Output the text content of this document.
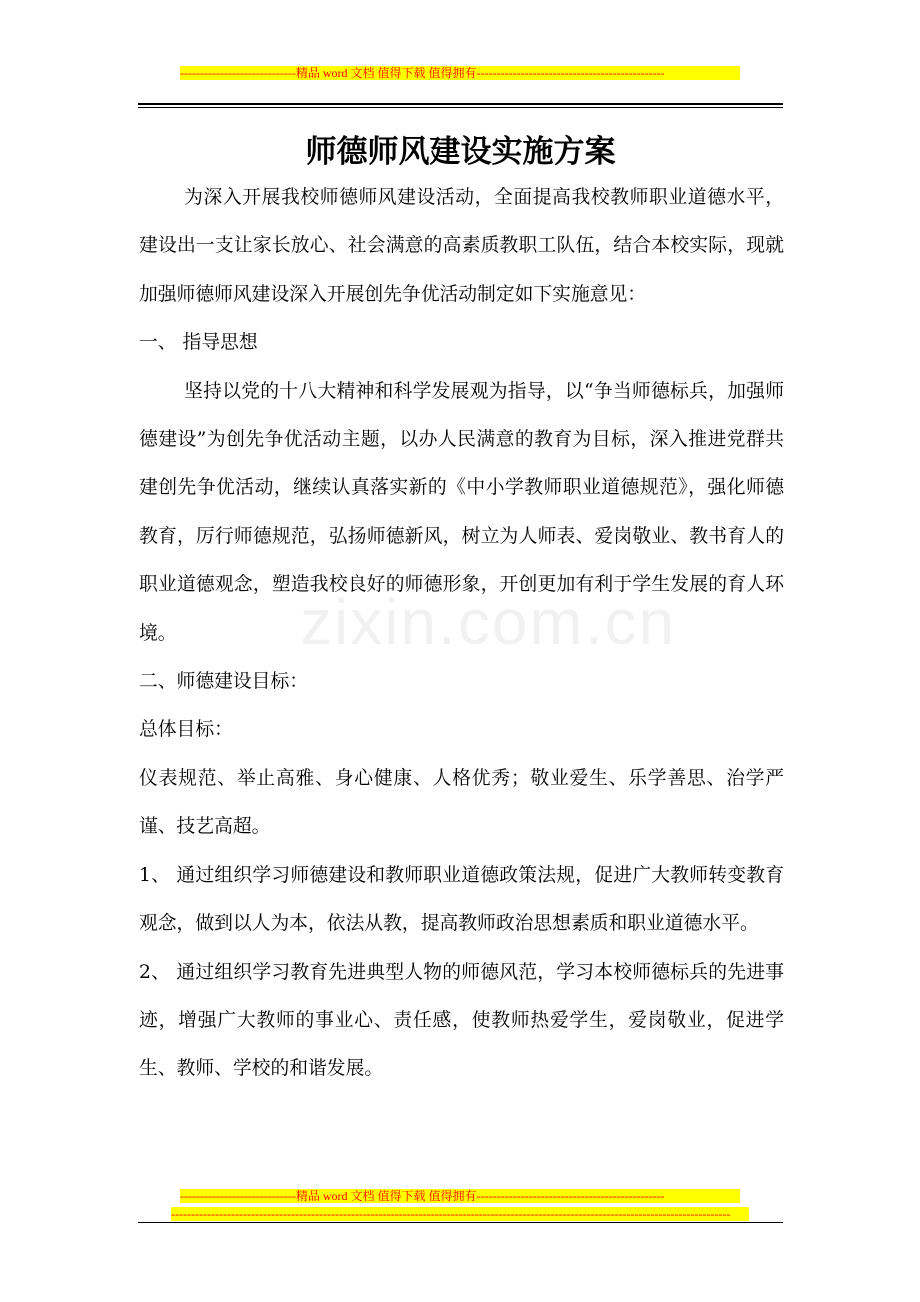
-----------------------------精品 word 文档 值得下载 值得拥有-----------------------------------------------
zixin.com.cn
师德师风建设实施方案

为深入开展我校师德师风建设活动，全面提高我校教师职业道德水平，建设出一支让家长放心、社会满意的高素质教职工队伍，结合本校实际，现就加强师德师风建设深入开展创先争优活动制定如下实施意见：

一、 指导思想

坚持以党的十八大精神和科学发展观为指导，以“争当师德标兵，加强师德建设”为创先争优活动主题，以办人民满意的教育为目标，深入推进党群共建创先争优活动，继续认真落实新的《中小学教师职业道德规范》，强化师德教育，厉行师德规范，弘扬师德新风，树立为人师表、爱岗敬业、教书育人的职业道德观念，塑造我校良好的师德形象，开创更加有利于学生发展的育人环境。

二、师德建设目标：

总体目标：

仪表规范、举止高雅、身心健康、人格优秀；敬业爱生、乐学善思、治学严谨、技艺高超。

1、 通过组织学习师德建设和教师职业道德政策法规，促进广大教师转变教育观念，做到以人为本，依法从教，提高教师政治思想素质和职业道德水平。

2、 通过组织学习教育先进典型人物的师德风范，学习本校师德标兵的先进事迹，增强广大教师的事业心、责任感，使教师热爱学生，爱岗敬业，促进学生、教师、学校的和谐发展。

-----------------------------精品 word 文档 值得下载 值得拥有-----------------------------------------------
--------------------------------------------------------------------------------------------------------------------------------------------
